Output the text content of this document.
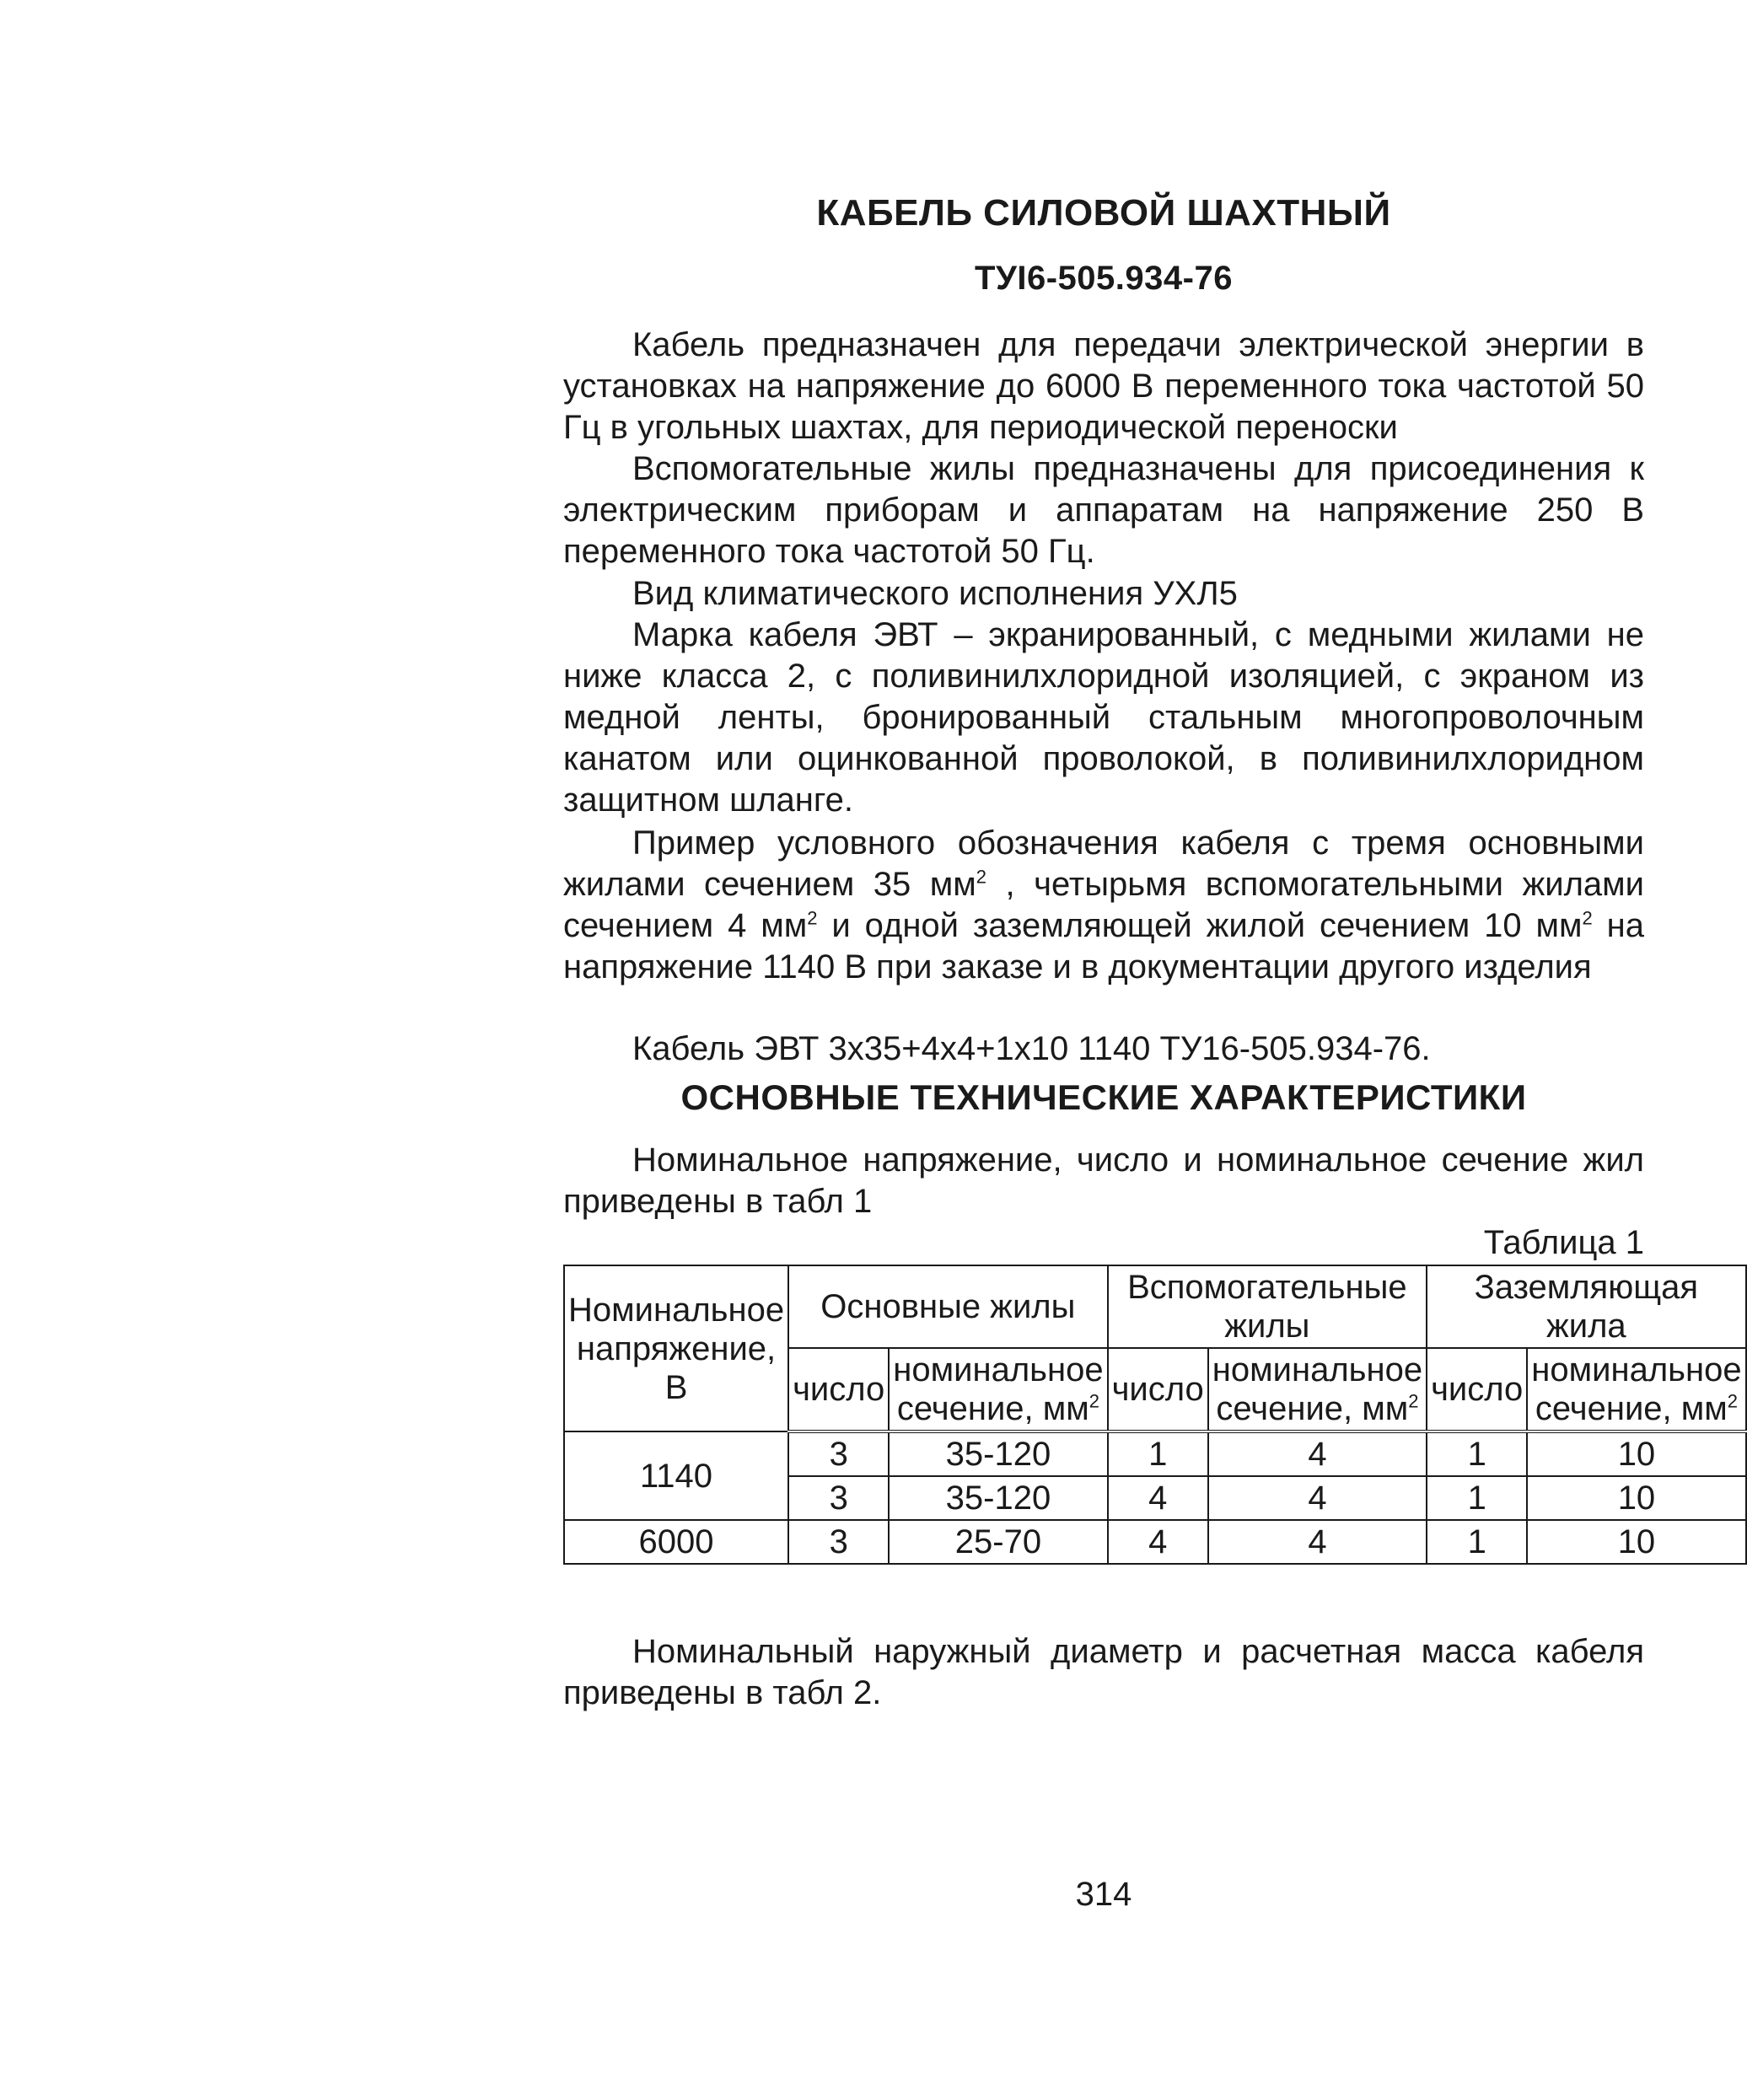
КАБЕЛЬ СИЛОВОЙ ШАХТНЫЙ
ТУI6-505.934-76

Кабель предназначен для передачи электрической энергии в установках на напряжение до 6000 В переменного тока частотой 50 Гц в угольных шахтах, для периодической переноски

Вспомогательные жилы предназначены для присоединения к электрическим приборам и аппаратам на напряжение 250 В переменного тока частотой 50 Гц.

Вид климатического исполнения УХЛ5

Марка кабеля ЭВТ – экранированный, с медными жилами не ниже класса 2, с поливинилхлоридной изоляцией, с экраном из медной ленты, бронированный стальным многопроволочным канатом или оцинкованной проволокой, в поливинилхлоридном защитном шланге.

Пример условного обозначения кабеля с тремя основными жилами сечением 35 $мм^2$ , четырьмя вспомогательными жилами сечением 4 $мм^2$ и одной заземляющей жилой сечением 10 $мм^2$ на напряжение 1140 В при заказе и в документации другого изделия

Кабель ЭВТ 3х35+4х4+1х10 1140 ТУ16-505.934-76.

ОСНОВНЫЕ ТЕХНИЧЕСКИЕ ХАРАКТЕРИСТИКИ

Номинальное напряжение, число и номинальное сечение жил приведены в табл 1

Таблица 1
Номинальное напряжение, В	Основные жилы		Вспомогательные жилы		Заземляющая жила	
	число	номинальное сечение, $мм^2$	число	номинальное сечение, $мм^2$	число	номинальное сечение, $мм^2$
1140	3	35-120	1	4	1	10
	3	35-120	4	4	1	10
6000	3	25-70	4	4	1	10

Номинальный наружный диаметр и расчетная масса кабеля приведены в табл 2.

314
